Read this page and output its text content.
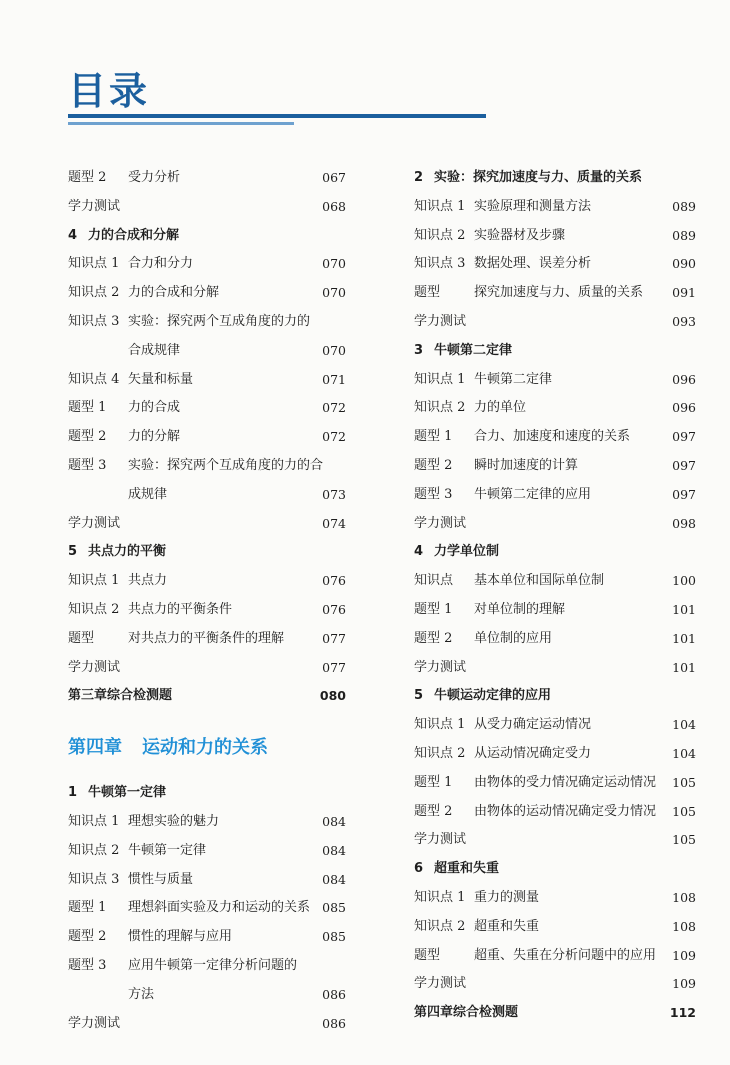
目录
题型 2 受力分析	067
学力测试	068
4 力的合成和分解
知识点 1 合力和分力	070
知识点 2 力的合成和分解	070
知识点 3 实验：探究两个互成角度的力的
合成规律	070
知识点 4 矢量和标量	071
题型 1 力的合成	072
题型 2 力的分解	072
题型 3 实验：探究两个互成角度的力的合
成规律	073
学力测试	074
5 共点力的平衡
知识点 1 共点力	076
知识点 2 共点力的平衡条件	076
题型	对共点力的平衡条件的理解	077
学力测试	077
第三章综合检测题	080
第四章 运动和力的关系
1 牛顿第一定律
知识点 1 理想实验的魅力	084
知识点 2 牛顿第一定律	084
知识点 3 惯性与质量	084
题型 1 理想斜面实验及力和运动的关系 085
题型 2 惯性的理解与应用	085
题型 3 应用牛顿第一定律分析问题的
方法	086
学力测试	086
2 实验：探究加速度与力、质量的关系
知识点 1 实验原理和测量方法	089
知识点 2 实验器材及步骤	089
知识点 3 数据处理、误差分析	090
题型	探究加速度与力、质量的关系 091
学力测试	093
3 牛顿第二定律
知识点 1 牛顿第二定律	096
知识点 2 力的单位	096
题型 1 合力、加速度和速度的关系	097
题型 2 瞬时加速度的计算	097
题型 3 牛顿第二定律的应用	097
学力测试	098
4 力学单位制
知识点 基本单位和国际单位制	100
题型 1 对单位制的理解	101
题型 2 单位制的应用	101
学力测试	101
5 牛顿运动定律的应用
知识点 1 从受力确定运动情况	104
知识点 2 从运动情况确定受力	104
题型 1 由物体的受力情况确定运动情况 105
题型 2 由物体的运动情况确定受力情况 105
学力测试	105
6 超重和失重
知识点 1 重力的测量	108
知识点 2 超重和失重	108
题型	超重、失重在分析问题中的应用 109
学力测试	109
第四章综合检测题	112
